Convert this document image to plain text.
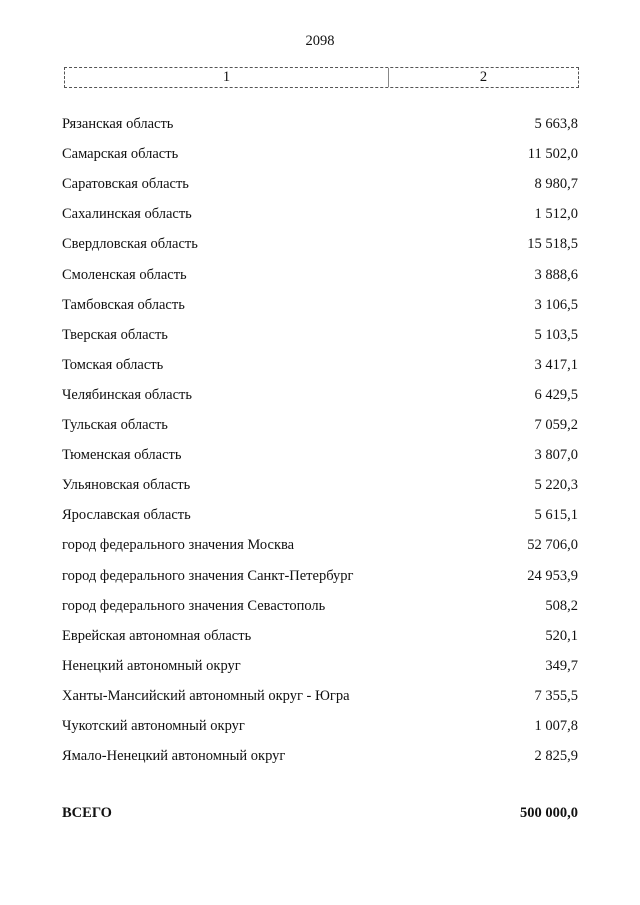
2098
1	2
Рязанская область	5 663,8
Самарская область	11 502,0
Саратовская область	8 980,7
Сахалинская область	1 512,0
Свердловская область	15 518,5
Смоленская область	3 888,6
Тамбовская область	3 106,5
Тверская область	5 103,5
Томская область	3 417,1
Челябинская область	6 429,5
Тульская область	7 059,2
Тюменская область	3 807,0
Ульяновская область	5 220,3
Ярославская область	5 615,1
город федерального значения Москва	52 706,0
город федерального значения Санкт-Петербург	24 953,9
город федерального значения Севастополь	508,2
Еврейская автономная область	520,1
Ненецкий автономный округ	349,7
Ханты-Мансийский автономный округ - Югра	7 355,5
Чукотский автономный округ	1 007,8
Ямало-Ненецкий автономный округ	2 825,9
ВСЕГО	500 000,0
